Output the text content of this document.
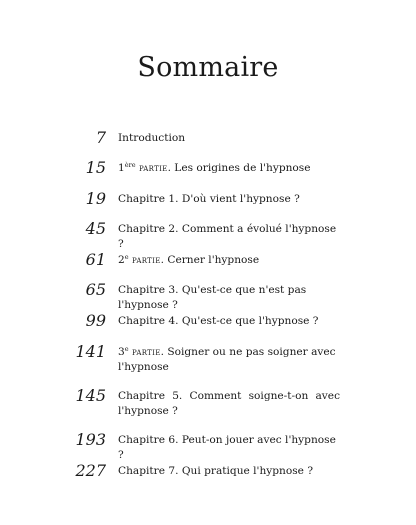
Sommaire
7 Introduction
15 1ère partie. Les origines de l'hypnose
19 Chapitre 1. D'où vient l'hypnose ?
45 Chapitre 2. Comment a évolué l'hypnose ?
61 2e partie. Cerner l'hypnose
65 Chapitre 3. Qu'est-ce que n'est pas l'hypnose ?
99 Chapitre 4. Qu'est-ce que l'hypnose ?
141 3e partie. Soigner ou ne pas soigner avec l'hypnose
145 Chapitre 5. Comment soigne-t-on avec l'hypnose ?
193 Chapitre 6. Peut-on jouer avec l'hypnose ?
227 Chapitre 7. Qui pratique l'hypnose ?
